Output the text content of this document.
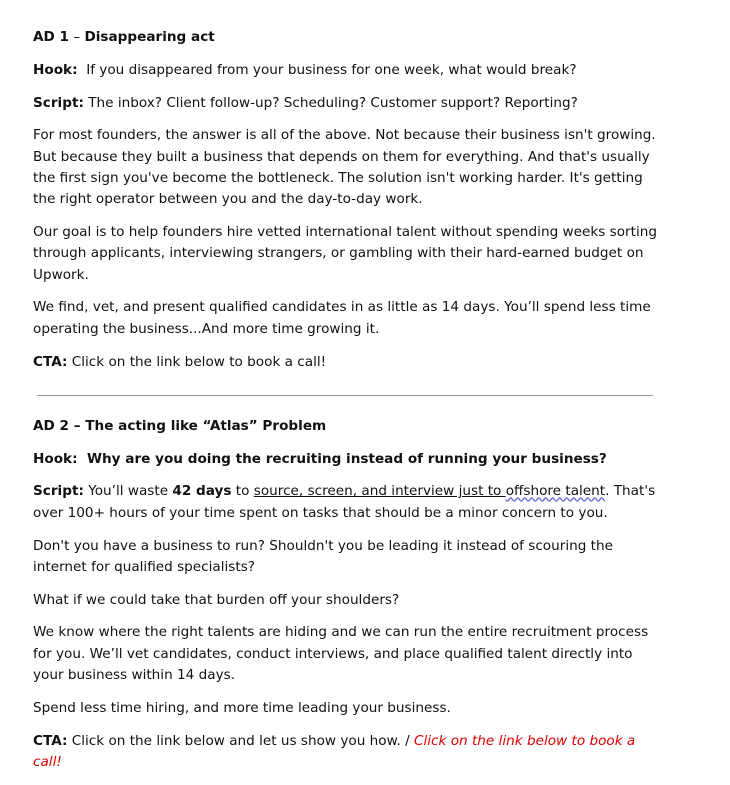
AD 1 – Disappearing act

Hook:  If you disappeared from your business for one week, what would break?

Script: The inbox? Client follow-up? Scheduling? Customer support? Reporting?

For most founders, the answer is all of the above. Not because their business isn't growing. But because they built a business that depends on them for everything. And that's usually the first sign you've become the bottleneck. The solution isn't working harder. It's getting the right operator between you and the day-to-day work.

Our goal is to help founders hire vetted international talent without spending weeks sorting through applicants, interviewing strangers, or gambling with their hard-earned budget on Upwork.

We find, vet, and present qualified candidates in as little as 14 days. You’ll spend less time operating the business...And more time growing it.

CTA: Click on the link below to book a call!

AD 2 – The acting like “Atlas” Problem

Hook:  Why are you doing the recruiting instead of running your business?

Script: You’ll waste 42 days to source, screen, and interview just to offshore talent. That's over 100+ hours of your time spent on tasks that should be a minor concern to you.

Don't you have a business to run? Shouldn't you be leading it instead of scouring the internet for qualified specialists?

What if we could take that burden off your shoulders?

We know where the right talents are hiding and we can run the entire recruitment process for you. We’ll vet candidates, conduct interviews, and place qualified talent directly into your business within 14 days.

Spend less time hiring, and more time leading your business.

CTA: Click on the link below and let us show you how. / Click on the link below to book a call!
